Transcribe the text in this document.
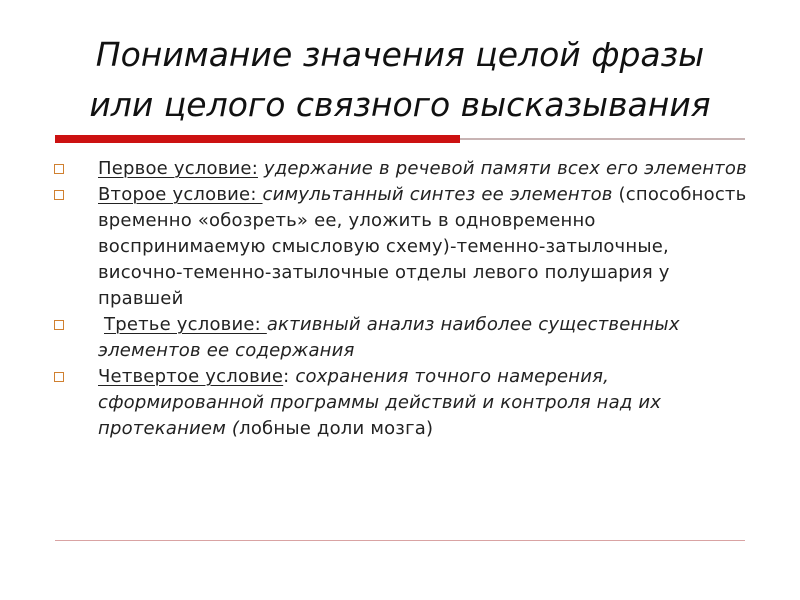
Понимание значения целой фразы
или целого связного высказывания
Первое условие: удержание в речевой памяти всех его элементов
Второе условие: симультанный синтез ее элементов (способность временно «обозреть» ее, уложить в одновременно воспринимаемую смысловую схему)-теменно-затылочные, височно-теменно-затылочные отделы левого полушария у правшей
Третье условие: активный анализ наиболее существенных элементов ее содержания
Четвертое условие: сохранения точного намерения, сформированной программы действий и контроля над их протеканием (лобные доли мозга)
